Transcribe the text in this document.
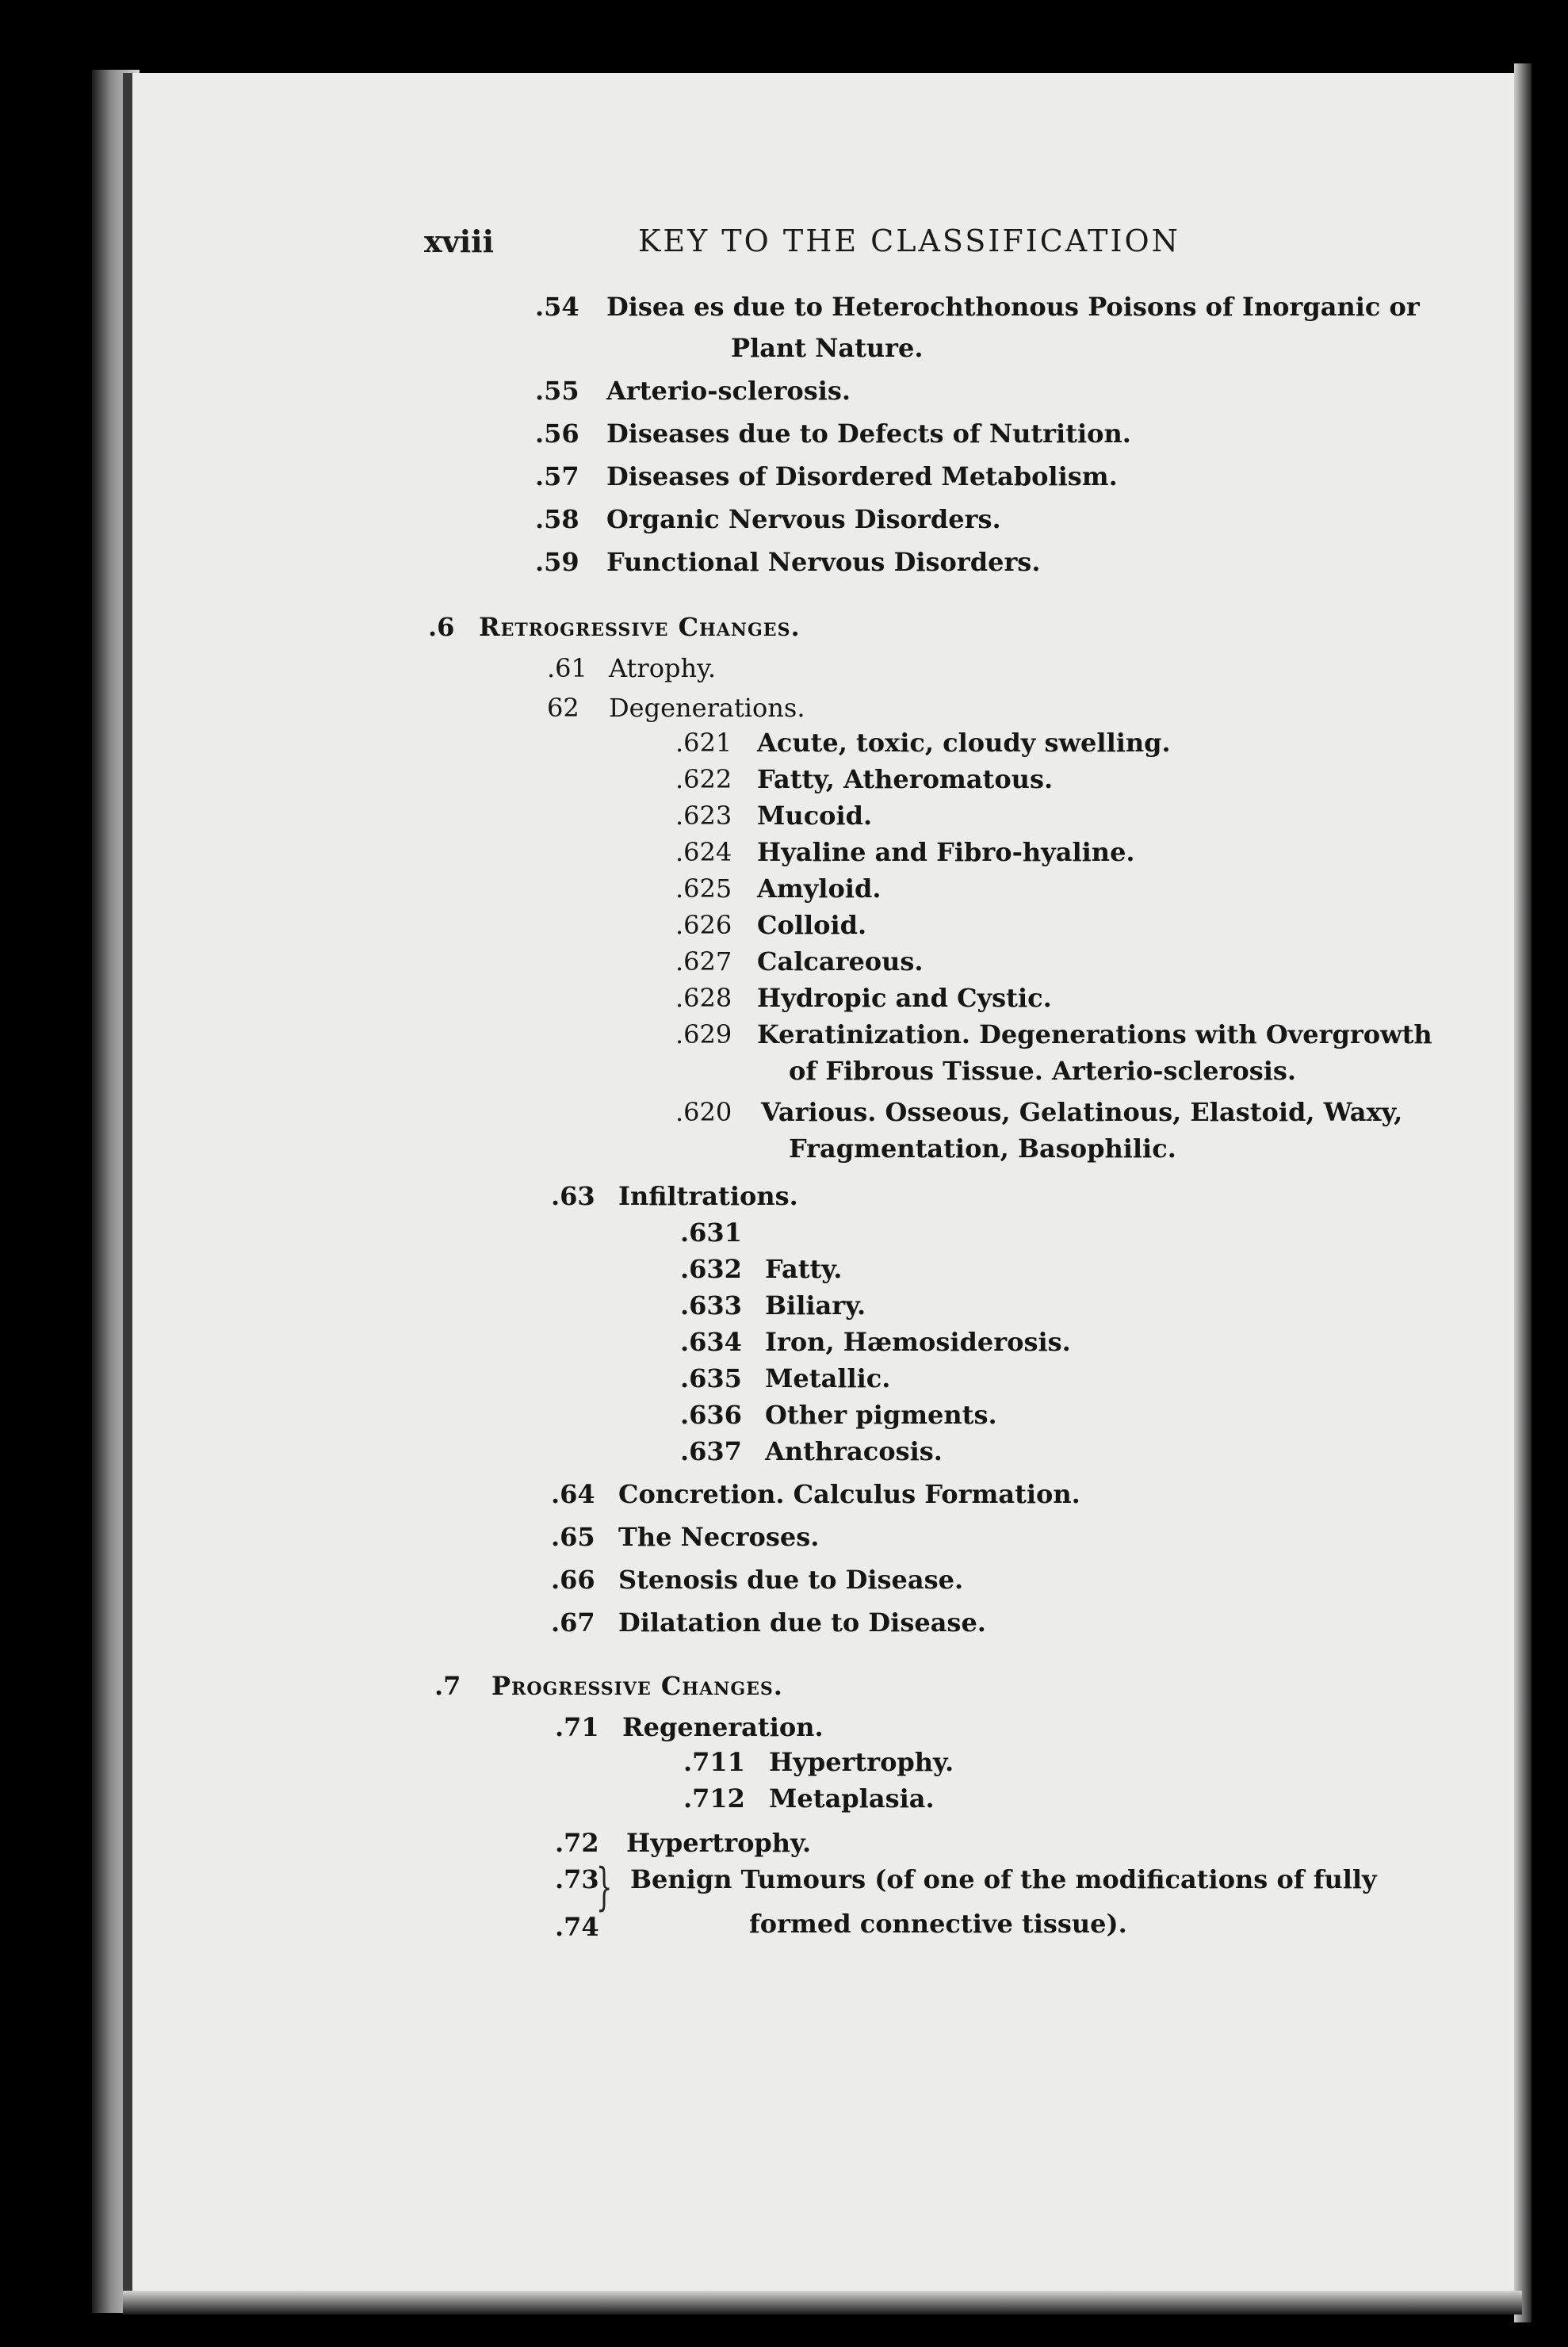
xviii	KEY TO THE CLASSIFICATION
.54 Disea es due to Heterochthonous Poisons of Inorganic or
Plant Nature.
.55 Arterio-sclerosis.
.56 Diseases due to Defects of Nutrition.
.57 Diseases of Disordered Metabolism.
.58 Organic Nervous Disorders.
.59 Functional Nervous Disorders.
.6 Retrogressive Changes.
.61 Atrophy.
62 Degenerations.
.621 Acute, toxic, cloudy swelling.
.622 Fatty, Atheromatous.
.623 Mucoid.
.624 Hyaline and Fibro-hyaline.
.625 Amyloid.
.626 Colloid.
.627 Calcareous.
.628 Hydropic and Cystic.
.629 Keratinization. Degenerations with Overgrowth
of Fibrous Tissue. Arterio-sclerosis.
.620 Various. Osseous, Gelatinous, Elastoid, Waxy,
Fragmentation, Basophilic.
.63 Infiltrations.
.631
.632 Fatty.
.633 Biliary.
.634 Iron, Hæmosiderosis.
.635 Metallic.
.636 Other pigments.
.637 Anthracosis.
.64 Concretion. Calculus Formation.
.65 The Necroses.
.66 Stenosis due to Disease.
.67 Dilatation due to Disease.
.7 Progressive Changes.
.71 Regeneration.
.711 Hypertrophy.
.712 Metaplasia.
.72 Hypertrophy.
.73 Benign Tumours (of one of the modifications of fully
.74	formed connective tissue).
}
